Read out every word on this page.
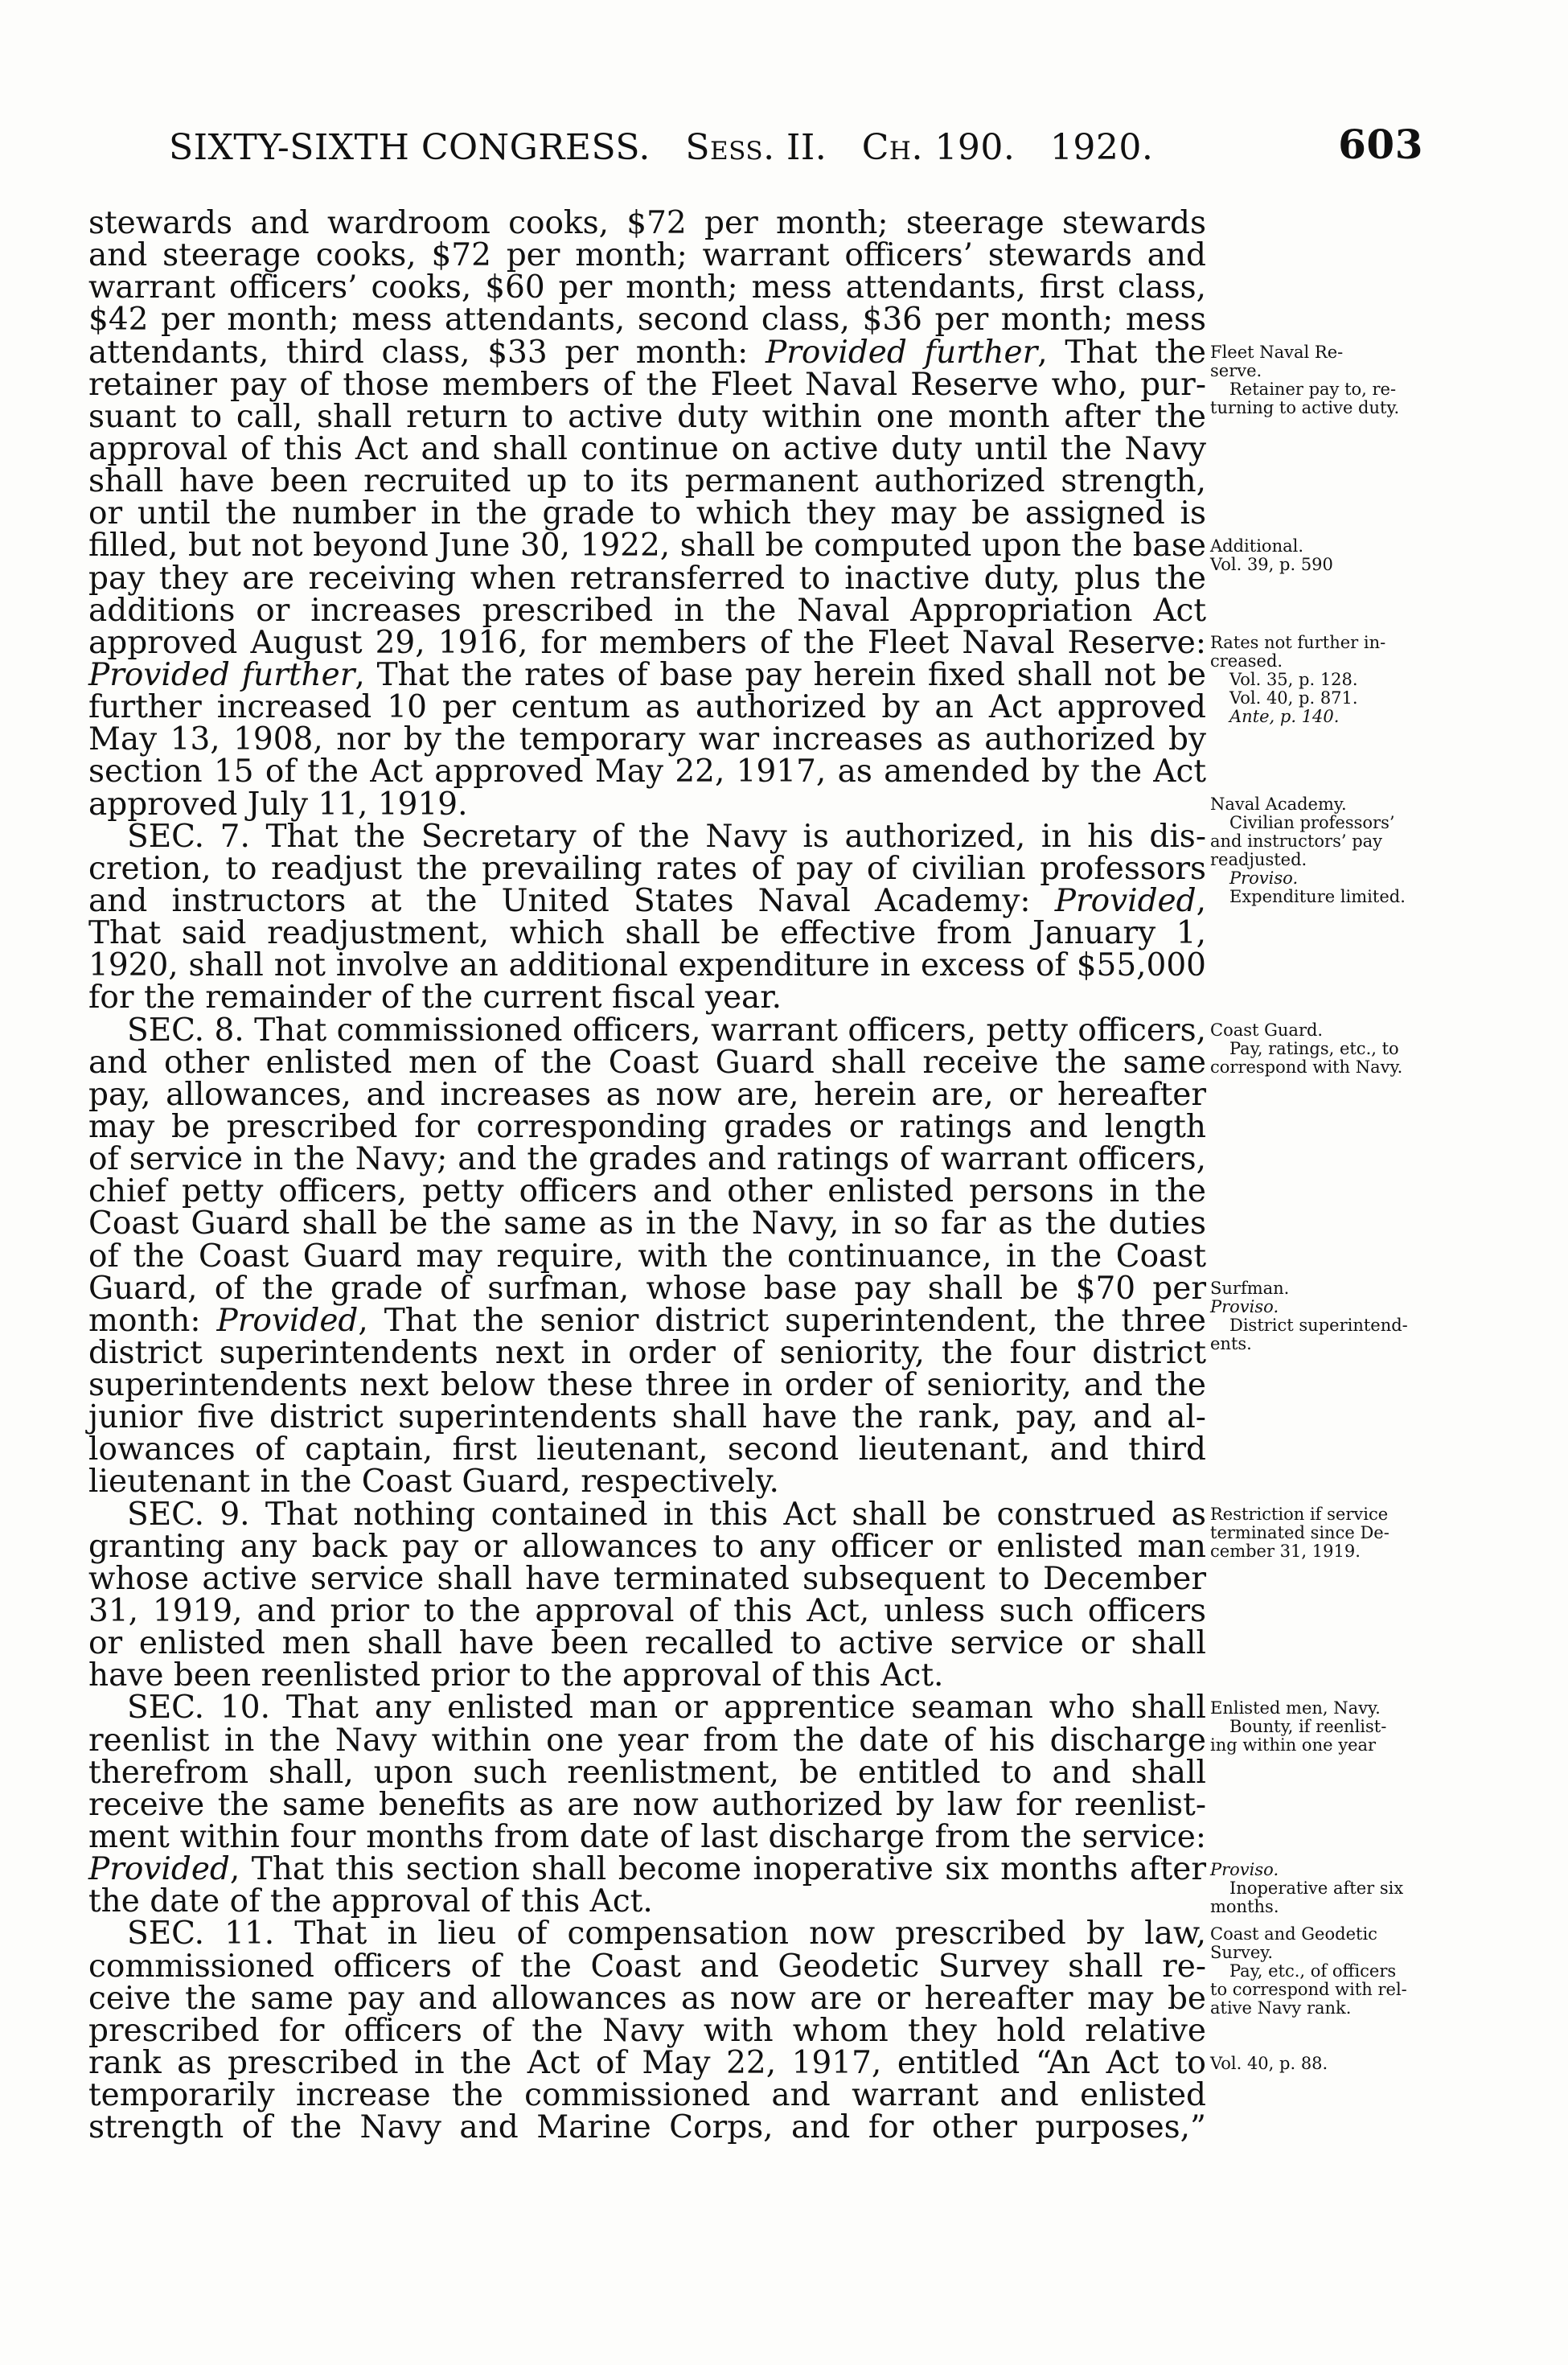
SIXTY-SIXTH CONGRESS. Sess. II. Ch. 190. 1920.	603
stewards and wardroom cooks, $72 per month; steerage stewards
and steerage cooks, $72 per month; warrant officers’ stewards and
warrant officers’ cooks, $60 per month; mess attendants, first class,
$42 per month; mess attendants, second class, $36 per month; mess
attendants, third class, $33 per month: Provided further, That the
retainer pay of those members of the Fleet Naval Reserve who, pur-
suant to call, shall return to active duty within one month after the
approval of this Act and shall continue on active duty until the Navy
shall have been recruited up to its permanent authorized strength,
or until the number in the grade to which they may be assigned is
filled, but not beyond June 30, 1922, shall be computed upon the base
pay they are receiving when retransferred to inactive duty, plus the
additions or increases prescribed in the Naval Appropriation Act
approved August 29, 1916, for members of the Fleet Naval Reserve:
Provided further, That the rates of base pay herein fixed shall not be
further increased 10 per centum as authorized by an Act approved
May 13, 1908, nor by the temporary war increases as authorized by
section 15 of the Act approved May 22, 1917, as amended by the Act
approved July 11, 1919.
SEC. 7. That the Secretary of the Navy is authorized, in his dis-
cretion, to readjust the prevailing rates of pay of civilian professors
and instructors at the United States Naval Academy: Provided,
That said readjustment, which shall be effective from January 1,
1920, shall not involve an additional expenditure in excess of $55,000
for the remainder of the current fiscal year.
SEC. 8. That commissioned officers, warrant officers, petty officers,
and other enlisted men of the Coast Guard shall receive the same
pay, allowances, and increases as now are, herein are, or hereafter
may be prescribed for corresponding grades or ratings and length
of service in the Navy; and the grades and ratings of warrant officers,
chief petty officers, petty officers and other enlisted persons in the
Coast Guard shall be the same as in the Navy, in so far as the duties
of the Coast Guard may require, with the continuance, in the Coast
Guard, of the grade of surfman, whose base pay shall be $70 per
month: Provided, That the senior district superintendent, the three
district superintendents next in order of seniority, the four district
superintendents next below these three in order of seniority, and the
junior five district superintendents shall have the rank, pay, and al-
lowances of captain, first lieutenant, second lieutenant, and third
lieutenant in the Coast Guard, respectively.
SEC. 9. That nothing contained in this Act shall be construed as
granting any back pay or allowances to any officer or enlisted man
whose active service shall have terminated subsequent to December
31, 1919, and prior to the approval of this Act, unless such officers
or enlisted men shall have been recalled to active service or shall
have been reenlisted prior to the approval of this Act.
SEC. 10. That any enlisted man or apprentice seaman who shall
reenlist in the Navy within one year from the date of his discharge
therefrom shall, upon such reenlistment, be entitled to and shall
receive the same benefits as are now authorized by law for reenlist-
ment within four months from date of last discharge from the service:
Provided, That this section shall become inoperative six months after
the date of the approval of this Act.
SEC. 11. That in lieu of compensation now prescribed by law,
commissioned officers of the Coast and Geodetic Survey shall re-
ceive the same pay and allowances as now are or hereafter may be
prescribed for officers of the Navy with whom they hold relative
rank as prescribed in the Act of May 22, 1917, entitled “An Act to
temporarily increase the commissioned and warrant and enlisted
strength of the Navy and Marine Corps, and for other purposes,”
Fleet Naval Re-
serve.
Retainer pay to, re-
turning to active duty.
Additional.
Vol. 39, p. 590
Rates not further in-
creased.
Vol. 35, p. 128.
Vol. 40, p. 871.
Ante, p. 140.
Naval Academy.
Civilian professors’
and instructors’ pay
readjusted.
Proviso.
Expenditure limited.
Coast Guard.
Pay, ratings, etc., to
correspond with Navy.
Surfman.
Proviso.
District superintend-
ents.
Restriction if service
terminated since De-
cember 31, 1919.
Enlisted men, Navy.
Bounty, if reenlist-
ing within one year
Proviso.
Inoperative after six
months.
Coast and Geodetic
Survey.
Pay, etc., of officers
to correspond with rel-
ative Navy rank.
Vol. 40, p. 88.
